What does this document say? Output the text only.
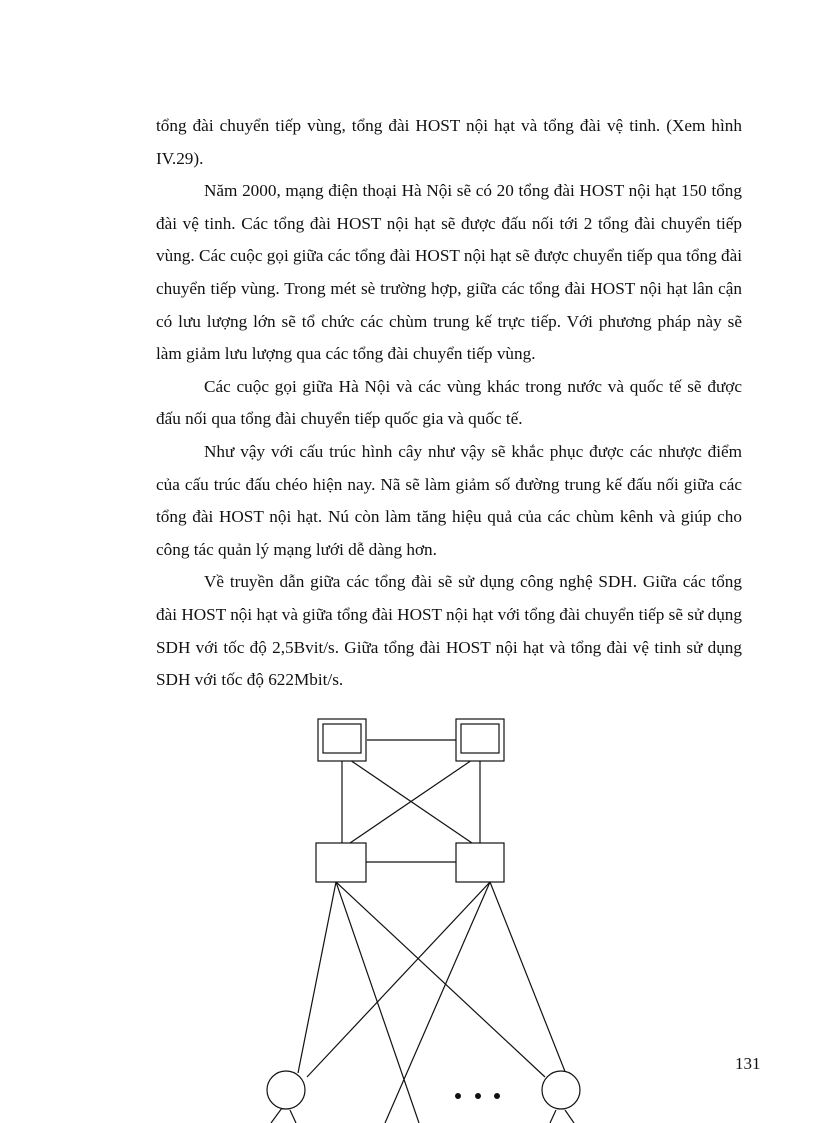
tổng đài chuyển tiếp vùng, tổng đài HOST nội hạt và tổng đài vệ tinh. (Xem hình IV.29).

Năm 2000, mạng điện thoại Hà Nội sẽ có 20 tổng đài HOST nội hạt 150 tổng đài vệ tinh. Các tổng đài HOST nội hạt sẽ được đấu nối tới 2 tổng đài chuyển tiếp vùng. Các cuộc gọi giữa các tổng đài HOST nội hạt sẽ được chuyển tiếp qua tổng đài chuyển tiếp vùng. Trong mét sè trường hợp, giữa các tổng đài HOST nội hạt lân cận có lưu lượng lớn sẽ tổ chức các chùm trung kế trực tiếp. Với phương pháp này sẽ làm giảm lưu lượng qua các tổng đài chuyển tiếp vùng.

Các cuộc gọi giữa Hà Nội và các vùng khác trong nước và quốc tế sẽ được đấu nối qua tổng đài chuyển tiếp quốc gia và quốc tế.

Như vậy với cấu trúc hình cây như vậy sẽ khắc phục được các nhược điểm của cấu trúc đấu chéo hiện nay. Nã sẽ làm giảm số đường trung kế đấu nối giữa các tổng đài HOST nội hạt. Nú còn làm tăng hiệu quả của các chùm kênh và giúp cho công tác quản lý mạng lưới dễ dàng hơn.

Về truyền dẫn giữa các tổng đài sẽ sử dụng công nghệ SDH. Giữa các tổng đài HOST nội hạt và giữa tổng đài HOST nội hạt với tổng đài chuyển tiếp sẽ sử dụng SDH với tốc độ 2,5Bvit/s. Giữa tổng đài HOST nội hạt và tổng đài vệ tinh sử dụng SDH với tốc độ 622Mbit/s.

131
